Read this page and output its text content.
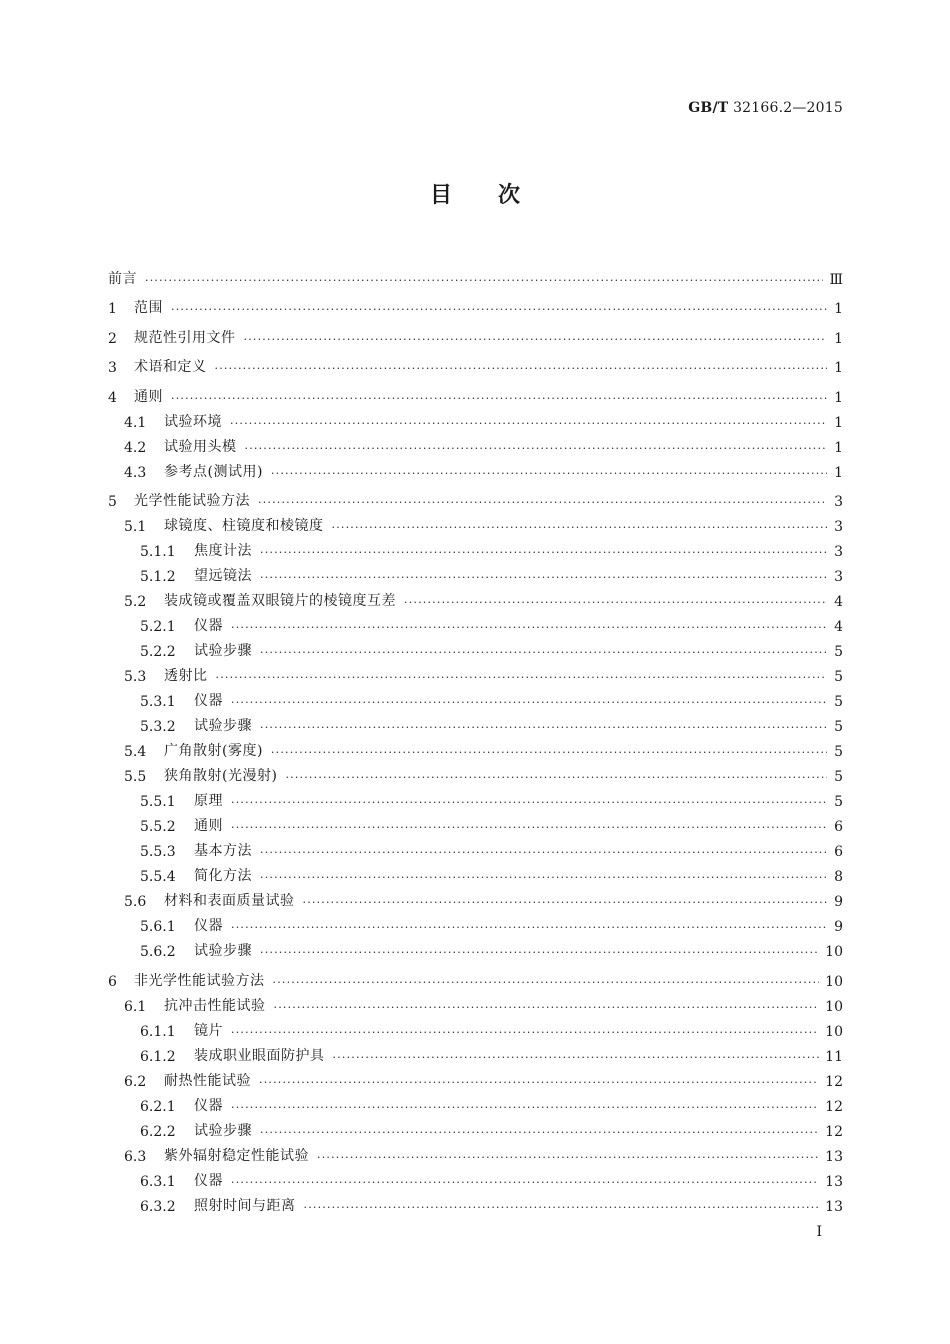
GB/T 32166.2—2015
目次
前言 ·····	Ⅲ
1	范围 ·····	1
2	规范性引用文件 ·····	1
3	术语和定义 ·····	1
4	通则 ·····	1
4.1	试验环境 ·····	1
4.2	试验用头模 ·····	1
4.3	参考点(测试用) ·····	1
5	光学性能试验方法 ·····	3
5.1	球镜度、柱镜度和棱镜度 ·····	3
5.1.1	焦度计法 ·····	3
5.1.2	望远镜法 ·····	3
5.2	装成镜或覆盖双眼镜片的棱镜度互差 ·····	4
5.2.1	仪器 ·····	4
5.2.2	试验步骤 ·····	5
5.3	透射比 ·····	5
5.3.1	仪器 ·····	5
5.3.2	试验步骤 ·····	5
5.4	广角散射(雾度) ·····	5
5.5	狭角散射(光漫射) ·····	5
5.5.1	原理 ·····	5
5.5.2	通则 ·····	6
5.5.3	基本方法 ·····	6
5.5.4	简化方法 ·····	8
5.6	材料和表面质量试验 ·····	9
5.6.1	仪器 ·····	9
5.6.2	试验步骤 ·····	10
6	非光学性能试验方法 ·····	10
6.1	抗冲击性能试验 ·····	10
6.1.1	镜片 ·····	10
6.1.2	装成职业眼面防护具 ·····	11
6.2	耐热性能试验 ·····	12
6.2.1	仪器 ·····	12
6.2.2	试验步骤 ·····	12
6.3	紫外辐射稳定性能试验 ·····	13
6.3.1	仪器 ·····	13
6.3.2	照射时间与距离 ·····	13
I
